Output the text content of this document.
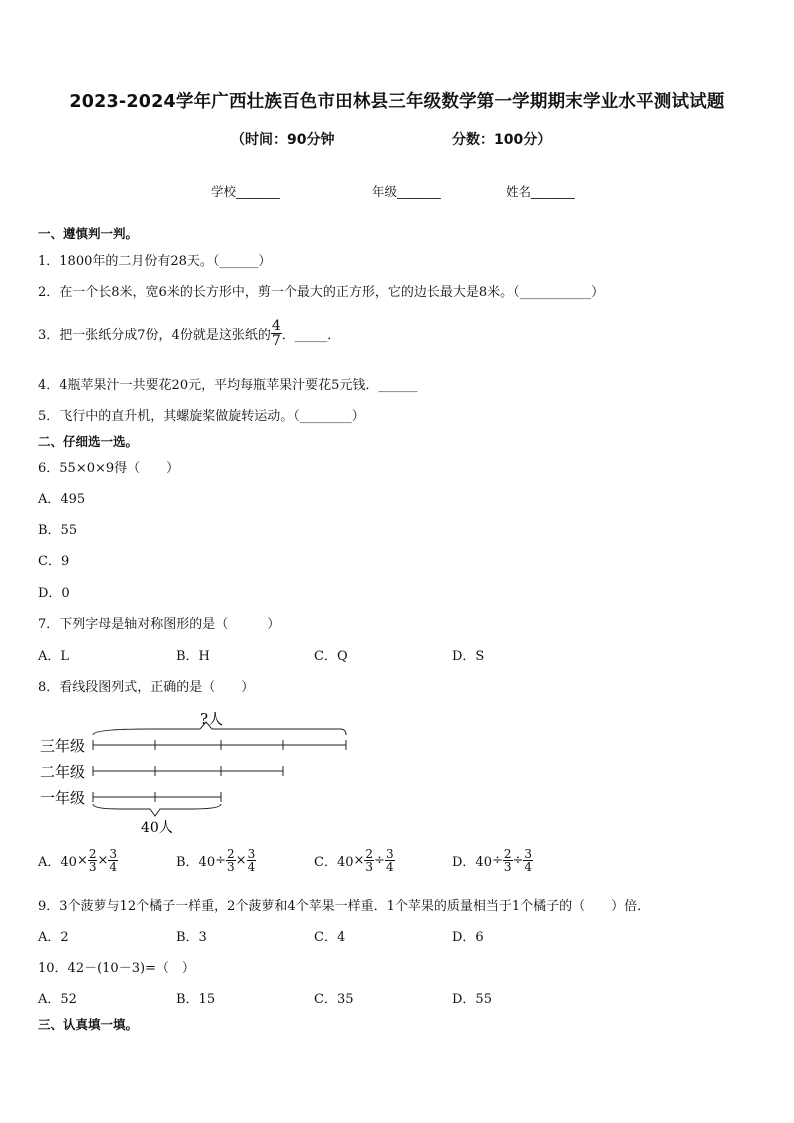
2023-2024学年广西壮族百色市田林县三年级数学第一学期期末学业水平测试试题
（时间：90分钟	分数：100分）
学校_______	年级_______	姓名_______
一、遵慎判一判。
1．1800年的二月份有28天。（______）
2．在一个长8米，宽6米的长方形中，剪一个最大的正方形，它的边长最大是8米。（___________）
3．把一张纸分成7份，4份就是这张纸的 $\frac{4}{7}$ ．_____．
4．4瓶苹果汁一共要花20元，平均每瓶苹果汁要花5元钱．______
5．飞行中的直升机，其螺旋桨做旋转运动。（________）
二、仔细选一选。
6．55×0×9得（　　）
A．495
B．55
C．9
D．0
7．下列字母是轴对称图形的是（　　　）
A．L	B．H	C．Q	D．S
8．看线段图列式，正确的是（　　）
?人
三年级
二年级
一年级
40人
A．$40 \times \frac{2}{3} \times \frac{3}{4}$	B．$40 \div \frac{2}{3} \times \frac{3}{4}$	C．$40 \times \frac{2}{3} \div \frac{3}{4}$	D．$40 \div \frac{2}{3} \div \frac{3}{4}$
9．3个菠萝与12个橘子一样重，2个菠萝和4个苹果一样重．1个苹果的质量相当于1个橘子的（　　）倍．
A．2	B．3	C．4	D．6
10．42－(10－3)=（　）
A．52	B．15	C．35	D．55
三、认真填一填。
